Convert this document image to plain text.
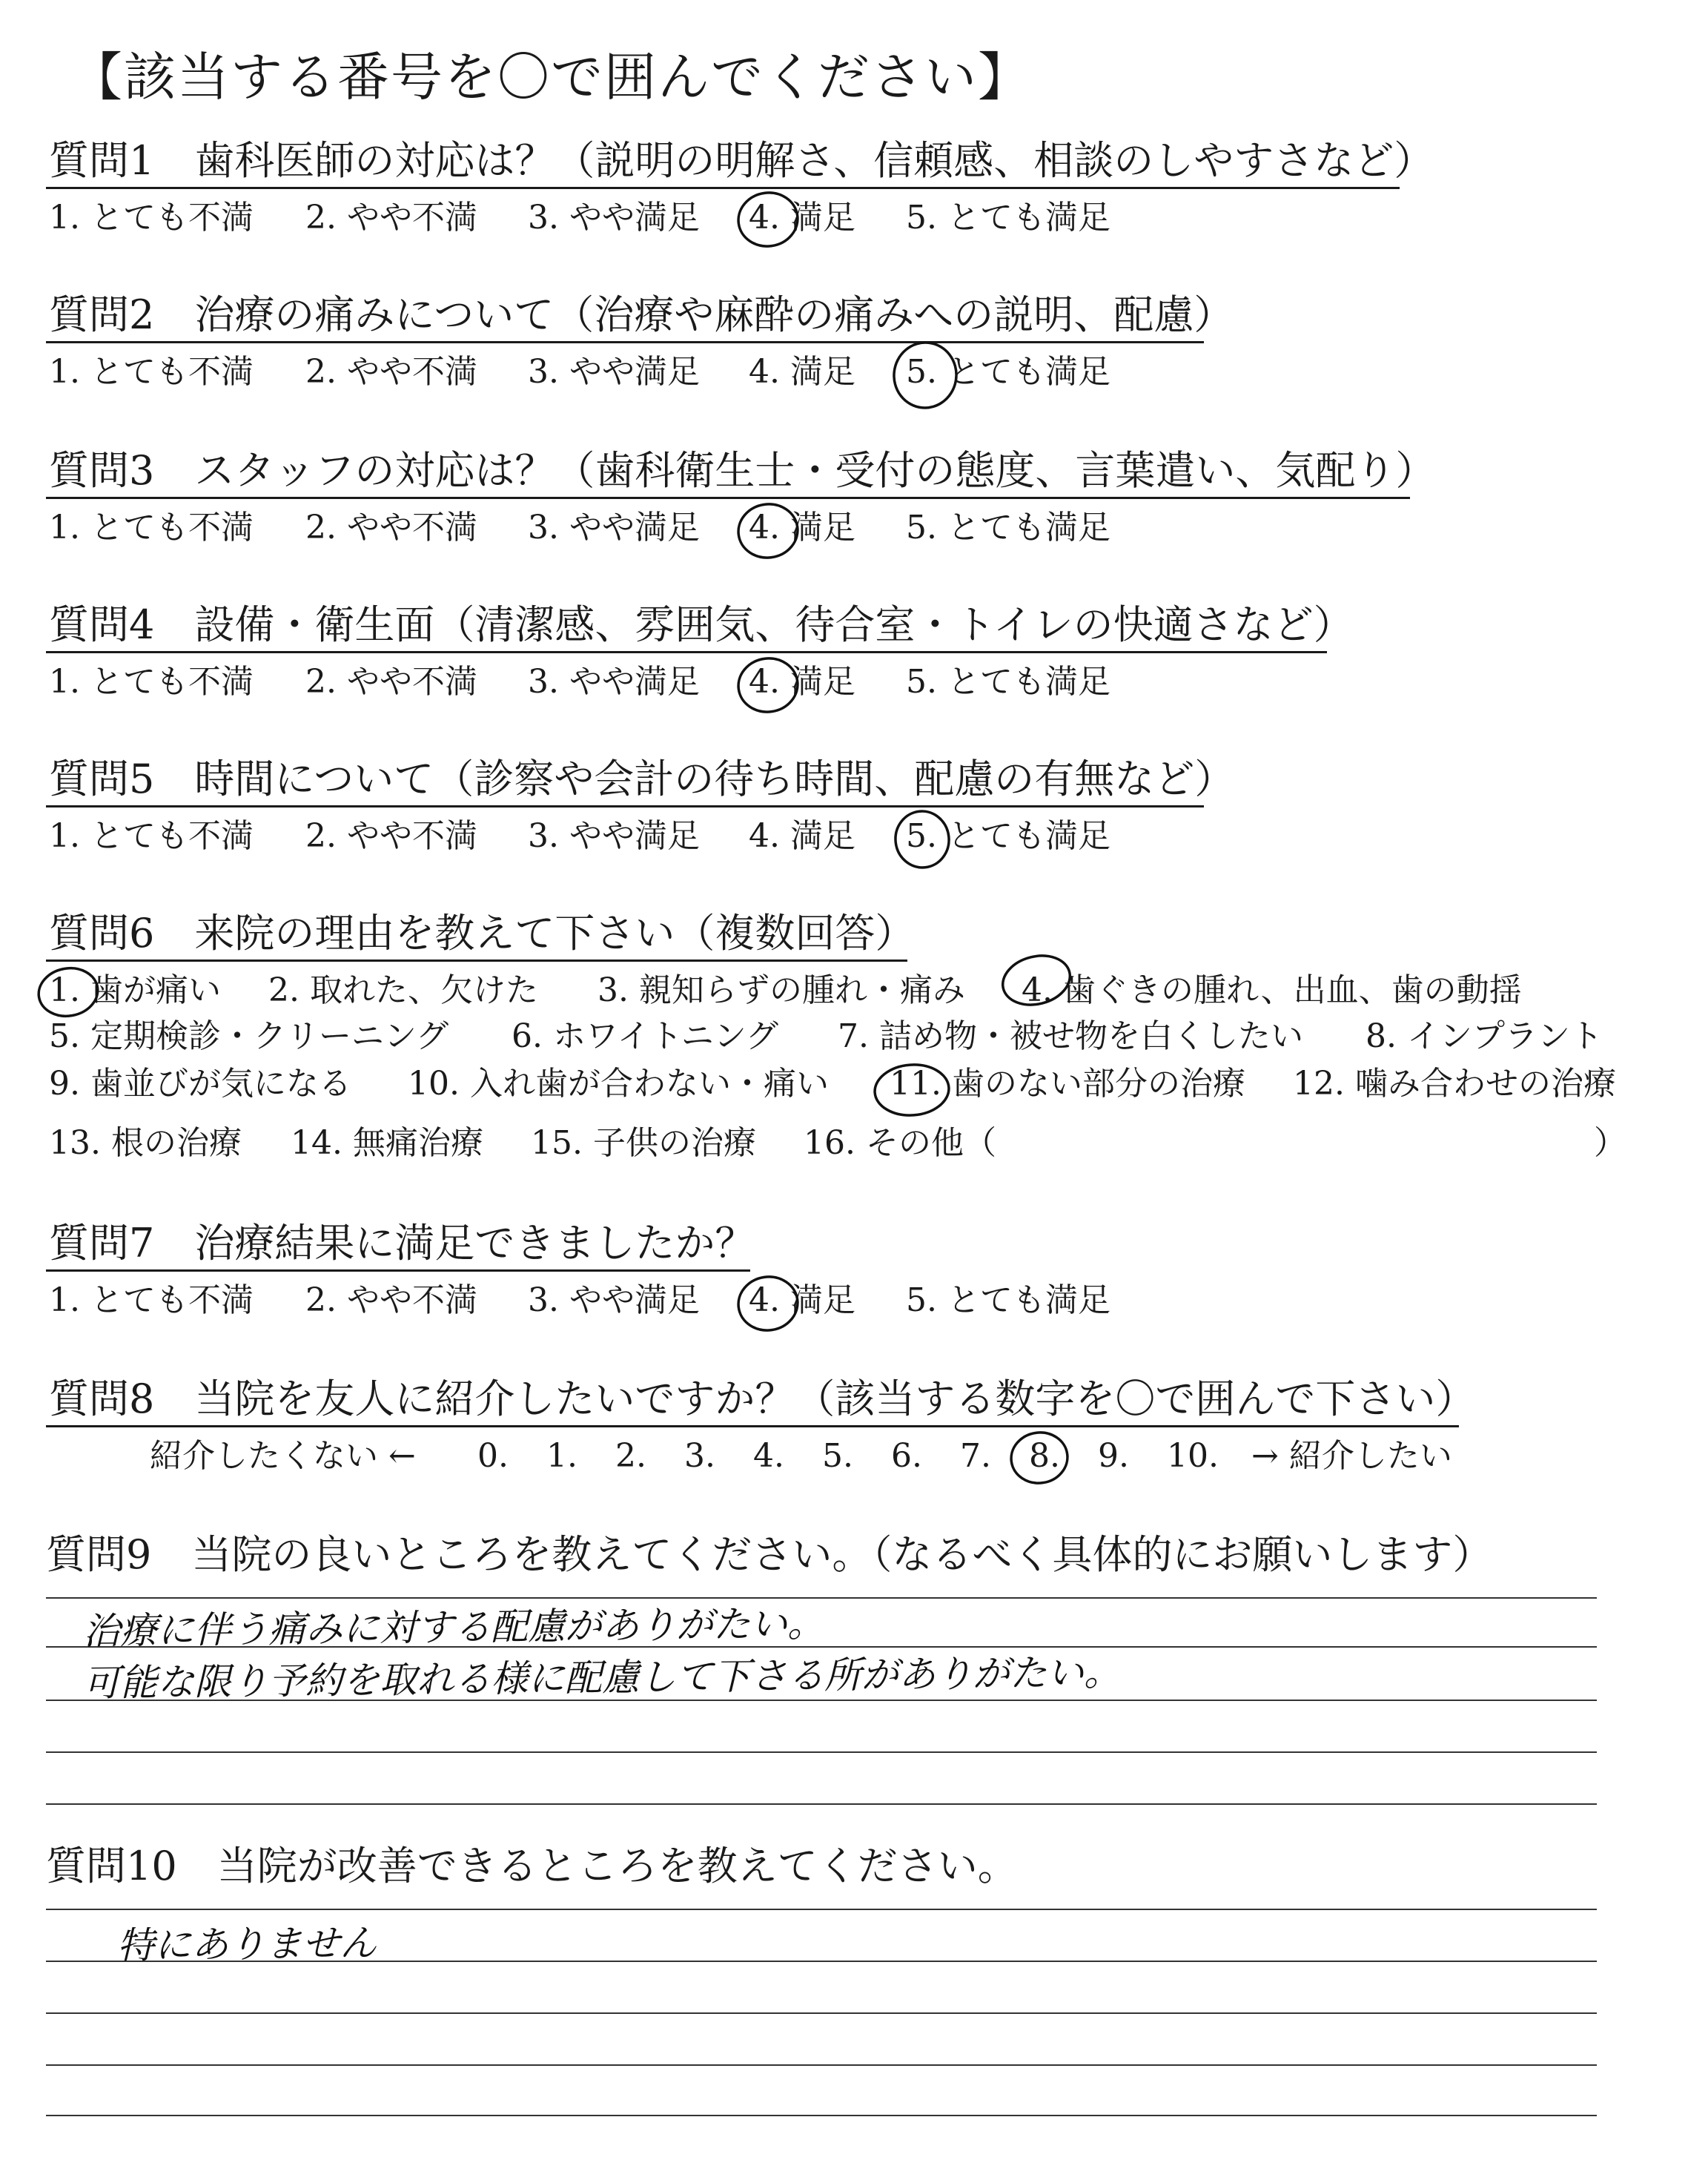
【該当する番号を〇で囲んでください】
質問1　歯科医師の対応は？（説明の明解さ、信頼感、相談のしやすさなど）
1. とても不満 2. やや不満 3. やや満足 4. 満足 5. とても満足
質問2　治療の痛みについて（治療や麻酔の痛みへの説明、配慮）
1. とても不満 2. やや不満 3. やや満足 4. 満足 5. とても満足
質問3　スタッフの対応は？（歯科衛生士・受付の態度、言葉遣い、気配り）
1. とても不満 2. やや不満 3. やや満足 4. 満足 5. とても満足
質問4　設備・衛生面（清潔感、雰囲気、待合室・トイレの快適さなど）
1. とても不満 2. やや不満 3. やや満足 4. 満足 5. とても満足
質問5　時間について（診察や会計の待ち時間、配慮の有無など）
1. とても不満 2. やや不満 3. やや満足 4. 満足 5. とても満足
質問6　来院の理由を教えて下さい（複数回答）
1. 歯が痛い 2. 取れた、欠けた 3. 親知らずの腫れ・痛み 4. 歯ぐきの腫れ、出血、歯の動揺
5. 定期検診・クリーニング 6. ホワイトニング 7. 詰め物・被せ物を白くしたい 8. インプラント
9. 歯並びが気になる 10. 入れ歯が合わない・痛い 11. 歯のない部分の治療 12. 噛み合わせの治療
13. 根の治療 14. 無痛治療 15. 子供の治療 16. その他（	）
質問7　治療結果に満足できましたか？
1. とても不満 2. やや不満 3. やや満足 4. 満足 5. とても満足
質問8　当院を友人に紹介したいですか？（該当する数字を〇で囲んで下さい）
紹介したくない ← 0. 1. 2. 3. 4. 5. 6. 7. 8. 9. 10. → 紹介したい
質問9　当院の良いところを教えてください。（なるべく具体的にお願いします）
治療に伴う痛みに対する配慮がありがたい。
可能な限り予約を取れる様に配慮して下さる所がありがたい。
質問10　当院が改善できるところを教えてください。
特にありません
